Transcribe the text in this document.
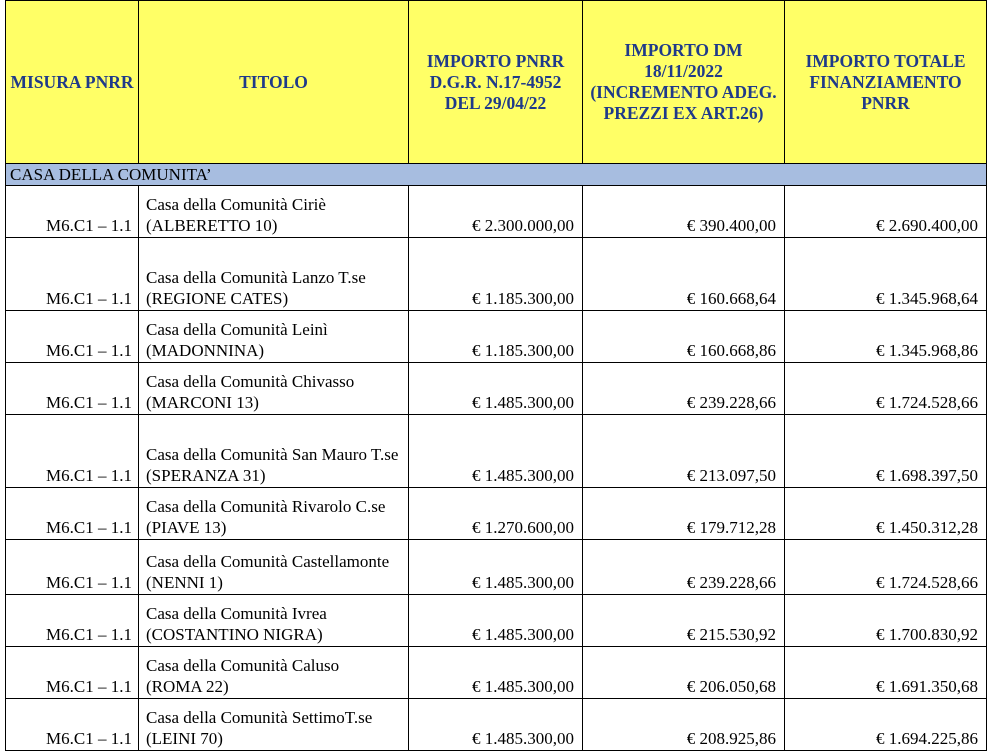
MISURA PNRR	TITOLO	IMPORTO PNRR D.G.R. N.17-4952 DEL 29/04/22	IMPORTO DM 18/11/2022 (INCREMENTO ADEG. PREZZI EX ART.26)	IMPORTO TOTALE FINANZIAMENTO PNRR
CASA DELLA COMUNITA’				
M6.C1 – 1.1	Casa della Comunità Ciriè (ALBERETTO 10)	€ 2.300.000,00	€ 390.400,00	€ 2.690.400,00
M6.C1 – 1.1	Casa della Comunità Lanzo T.se (REGIONE CATES)	€ 1.185.300,00	€ 160.668,64	€ 1.345.968,64
M6.C1 – 1.1	Casa della Comunità Leinì (MADONNINA)	€ 1.185.300,00	€ 160.668,86	€ 1.345.968,86
M6.C1 – 1.1	Casa della Comunità Chivasso (MARCONI 13)	€ 1.485.300,00	€ 239.228,66	€ 1.724.528,66
M6.C1 – 1.1	Casa della Comunità San Mauro T.se (SPERANZA 31)	€ 1.485.300,00	€ 213.097,50	€ 1.698.397,50
M6.C1 – 1.1	Casa della Comunità Rivarolo C.se (PIAVE 13)	€ 1.270.600,00	€ 179.712,28	€ 1.450.312,28
M6.C1 – 1.1	Casa della Comunità Castellamonte (NENNI 1)	€ 1.485.300,00	€ 239.228,66	€ 1.724.528,66
M6.C1 – 1.1	Casa della Comunità Ivrea (COSTANTINO NIGRA)	€ 1.485.300,00	€ 215.530,92	€ 1.700.830,92
M6.C1 – 1.1	Casa della Comunità Caluso (ROMA 22)	€ 1.485.300,00	€ 206.050,68	€ 1.691.350,68
M6.C1 – 1.1	Casa della Comunità SettimoT.se (LEINI 70)	€ 1.485.300,00	€ 208.925,86	€ 1.694.225,86
